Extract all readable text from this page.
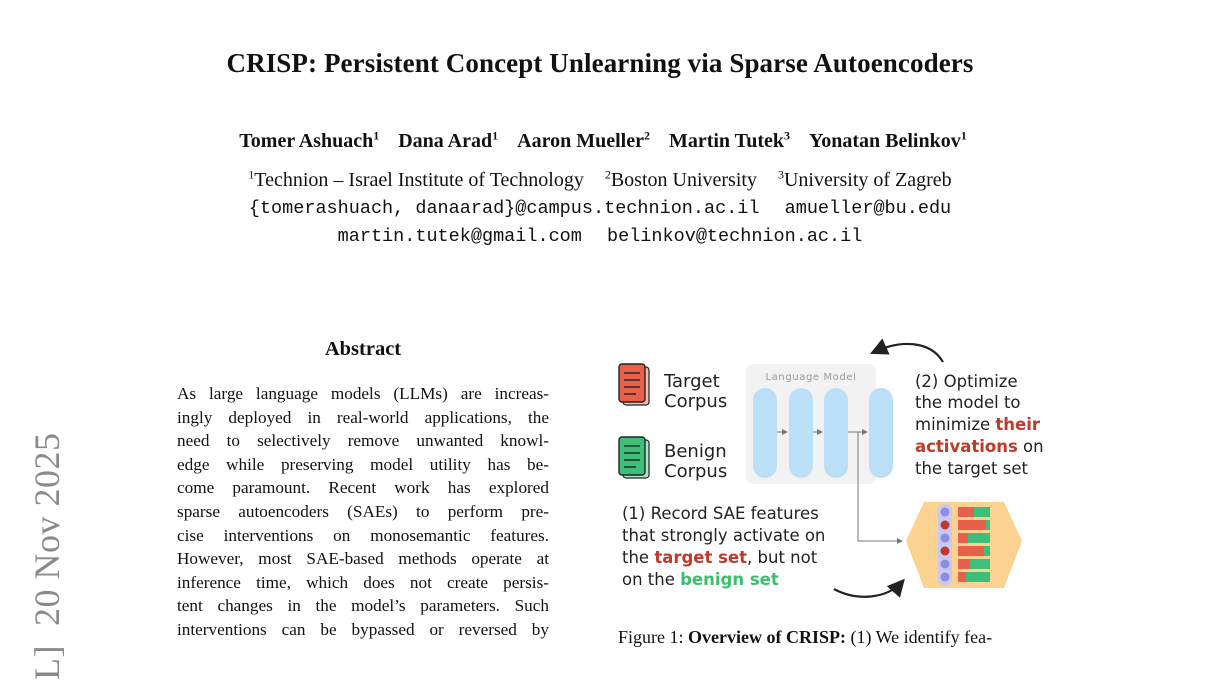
CRISP: Persistent Concept Unlearning via Sparse Autoencoders
Tomer Ashuach$^1$ Dana Arad$^1$ Aaron Mueller$^2$ Martin Tutek$^3$ Yonatan Belinkov$^1$
$^1$Technion – Israel Institute of Technology $^2$Boston University $^3$University of Zagreb
{tomerashuach, danaarad}@campus.technion.ac.il amueller@bu.edu
martin.tutek@gmail.com belinkov@technion.ac.il
L]  20 Nov 2025
Abstract
As large language models (LLMs) are increas-
ingly deployed in real-world applications, the
need to selectively remove unwanted knowl-
edge while preserving model utility has be-
come paramount. Recent work has explored
sparse autoencoders (SAEs) to perform pre-
cise interventions on monosemantic features.
However, most SAE-based methods operate at
inference time, which does not create persis-
tent changes in the model’s parameters. Such
interventions can be bypassed or reversed by
Target
Corpus
Benign
Corpus
Language Model	(2) Optimize
the model to
minimize their
activations on
the target set
(1) Record SAE features
that strongly activate on
the target set, but not
on the benign set
Figure 1: Overview of CRISP: (1) We identify fea-
